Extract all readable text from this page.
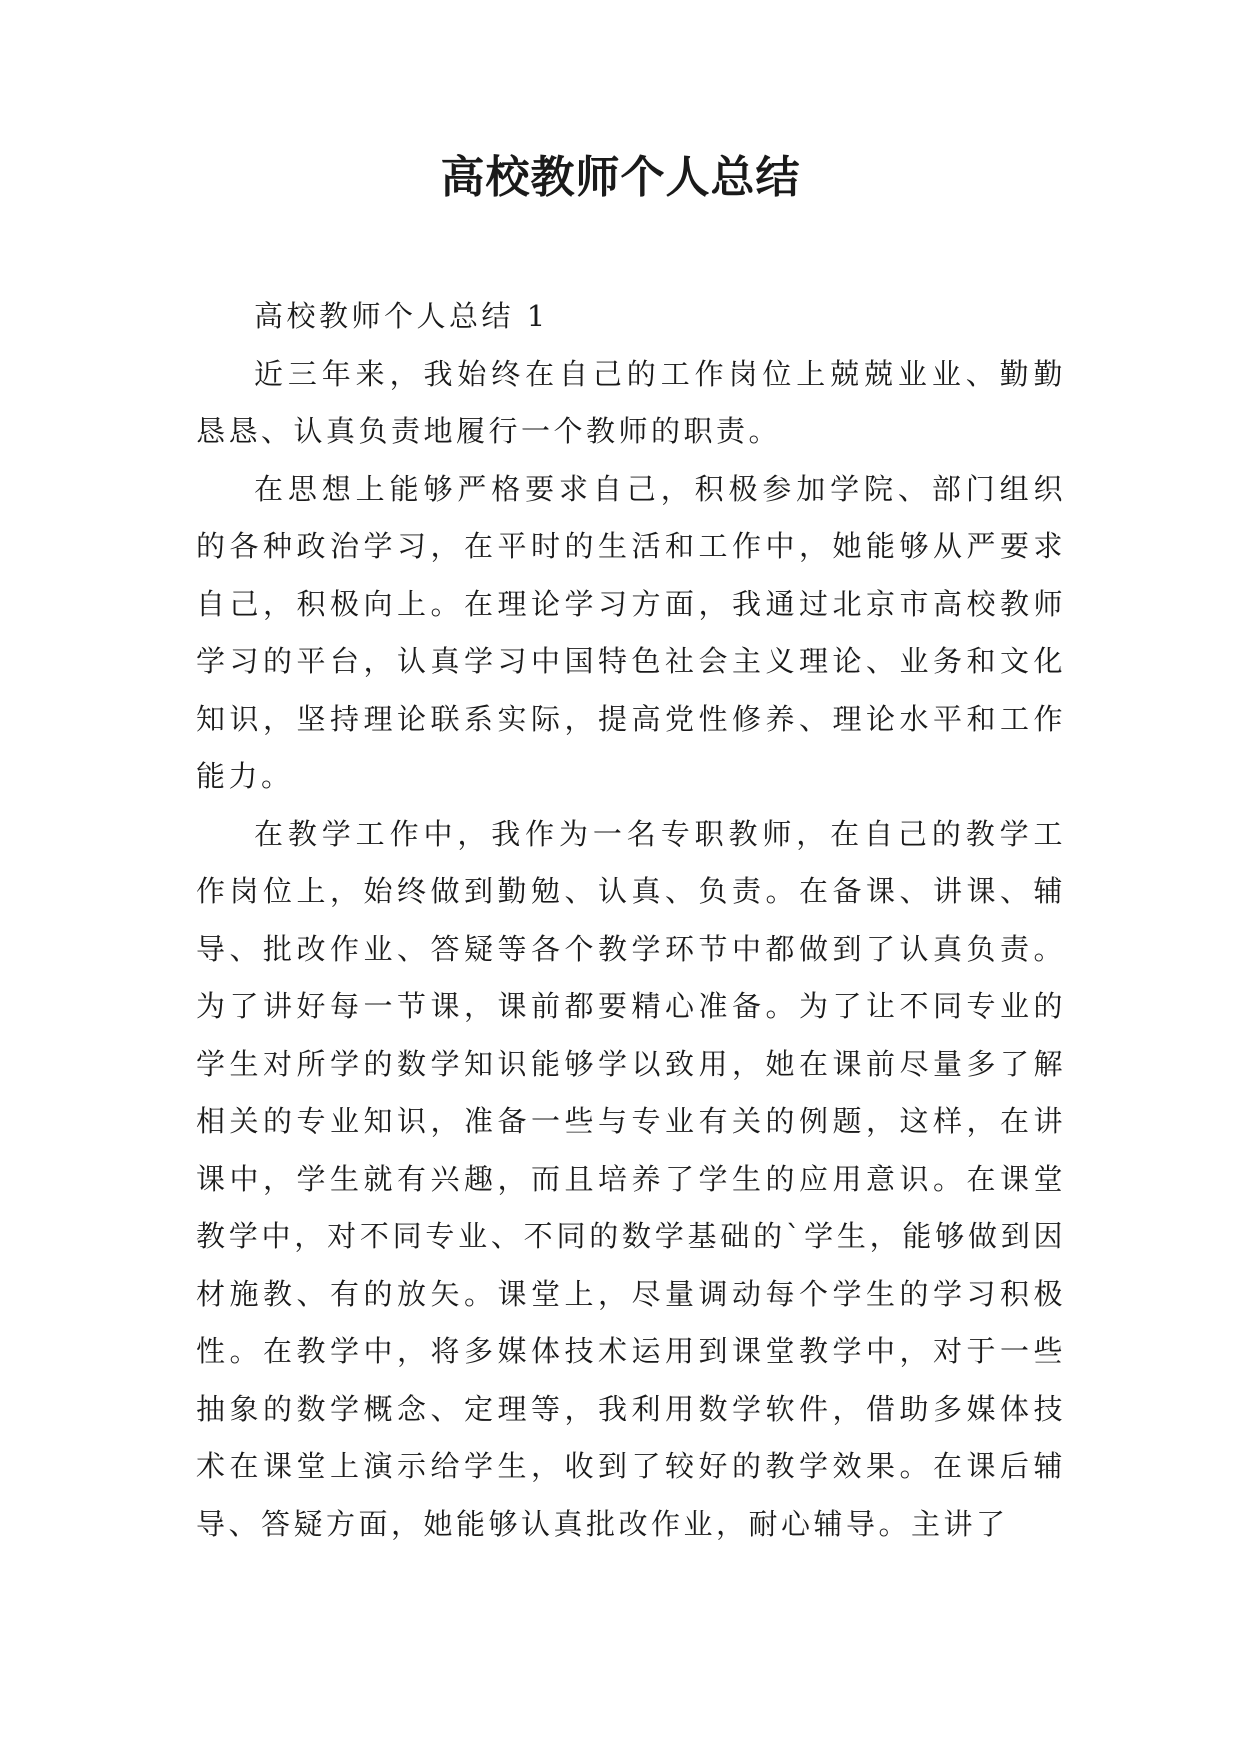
高校教师个人总结

高校教师个人总结 1

近三年来，我始终在自己的工作岗位上兢兢业业、勤勤恳恳、认真负责地履行一个教师的职责。

在思想上能够严格要求自己，积极参加学院、部门组织的各种政治学习，在平时的生活和工作中，她能够从严要求自己，积极向上。在理论学习方面，我通过北京市高校教师学习的平台，认真学习中国特色社会主义理论、业务和文化知识，坚持理论联系实际，提高党性修养、理论水平和工作能力。

在教学工作中，我作为一名专职教师，在自己的教学工作岗位上，始终做到勤勉、认真、负责。在备课、讲课、辅导、批改作业、答疑等各个教学环节中都做到了认真负责。为了讲好每一节课，课前都要精心准备。为了让不同专业的学生对所学的数学知识能够学以致用，她在课前尽量多了解相关的专业知识，准备一些与专业有关的例题，这样，在讲课中，学生就有兴趣，而且培养了学生的应用意识。在课堂教学中，对不同专业、不同的数学基础的`学生，能够做到因材施教、有的放矢。课堂上，尽量调动每个学生的学习积极性。在教学中，将多媒体技术运用到课堂教学中，对于一些抽象的数学概念、定理等，我利用数学软件，借助多媒体技术在课堂上演示给学生，收到了较好的教学效果。在课后辅导、答疑方面，她能够认真批改作业，耐心辅导。主讲了
